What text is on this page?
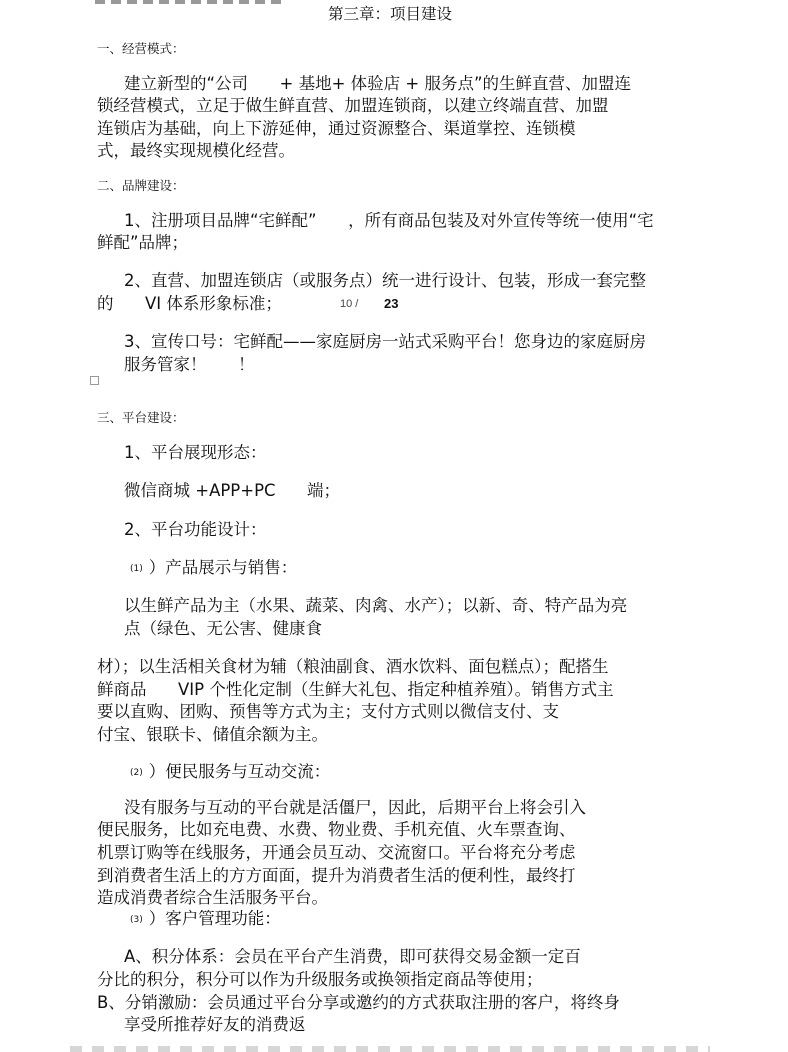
第三章：项目建设
一、经营模式：
建立新型的“公司      + 基地+ 体验店 + 服务点”的生鲜直营、加盟连
锁经营模式，立足于做生鲜直营、加盟连锁商，以建立终端直营、加盟
连锁店为基础，向上下游延伸，通过资源整合、渠道掌控、连锁模
式，最终实现规模化经营。
二、品牌建设：
1、注册项目品牌“宅鲜配”      ，所有商品包装及对外宣传等统一使用“宅
鲜配”品牌；
2、直营、加盟连锁店（或服务点）统一进行设计、包装，形成一套完整
的      VI 体系形象标准；	10 /	23
3、宣传口号：宅鲜配——家庭厨房一站式采购平台！您身边的家庭厨房
服务管家！      ！
三、平台建设：
1、平台展现形态：
微信商城 +APP+PC      端；
2、平台功能设计：
(1) ）产品展示与销售：
以生鲜产品为主（水果、蔬菜、肉禽、水产）；以新、奇、特产品为亮
点（绿色、无公害、健康食
材）；以生活相关食材为辅（粮油副食、酒水饮料、面包糕点）；配搭生
鲜商品      VIP 个性化定制（生鲜大礼包、指定种植养殖）。销售方式主
要以直购、团购、预售等方式为主；支付方式则以微信支付、支
付宝、银联卡、储值余额为主。
(2) ）便民服务与互动交流：
没有服务与互动的平台就是活僵尸，因此，后期平台上将会引入
便民服务，比如充电费、水费、物业费、手机充值、火车票查询、
机票订购等在线服务，开通会员互动、交流窗口。平台将充分考虑
到消费者生活上的方方面面，提升为消费者生活的便利性，最终打
造成消费者综合生活服务平台。
(3) ）客户管理功能：
A、积分体系：会员在平台产生消费，即可获得交易金额一定百
分比的积分，积分可以作为升级服务或换领指定商品等使用；
B、分销激励：会员通过平台分享或邀约的方式获取注册的客户，将终身
享受所推荐好友的消费返
